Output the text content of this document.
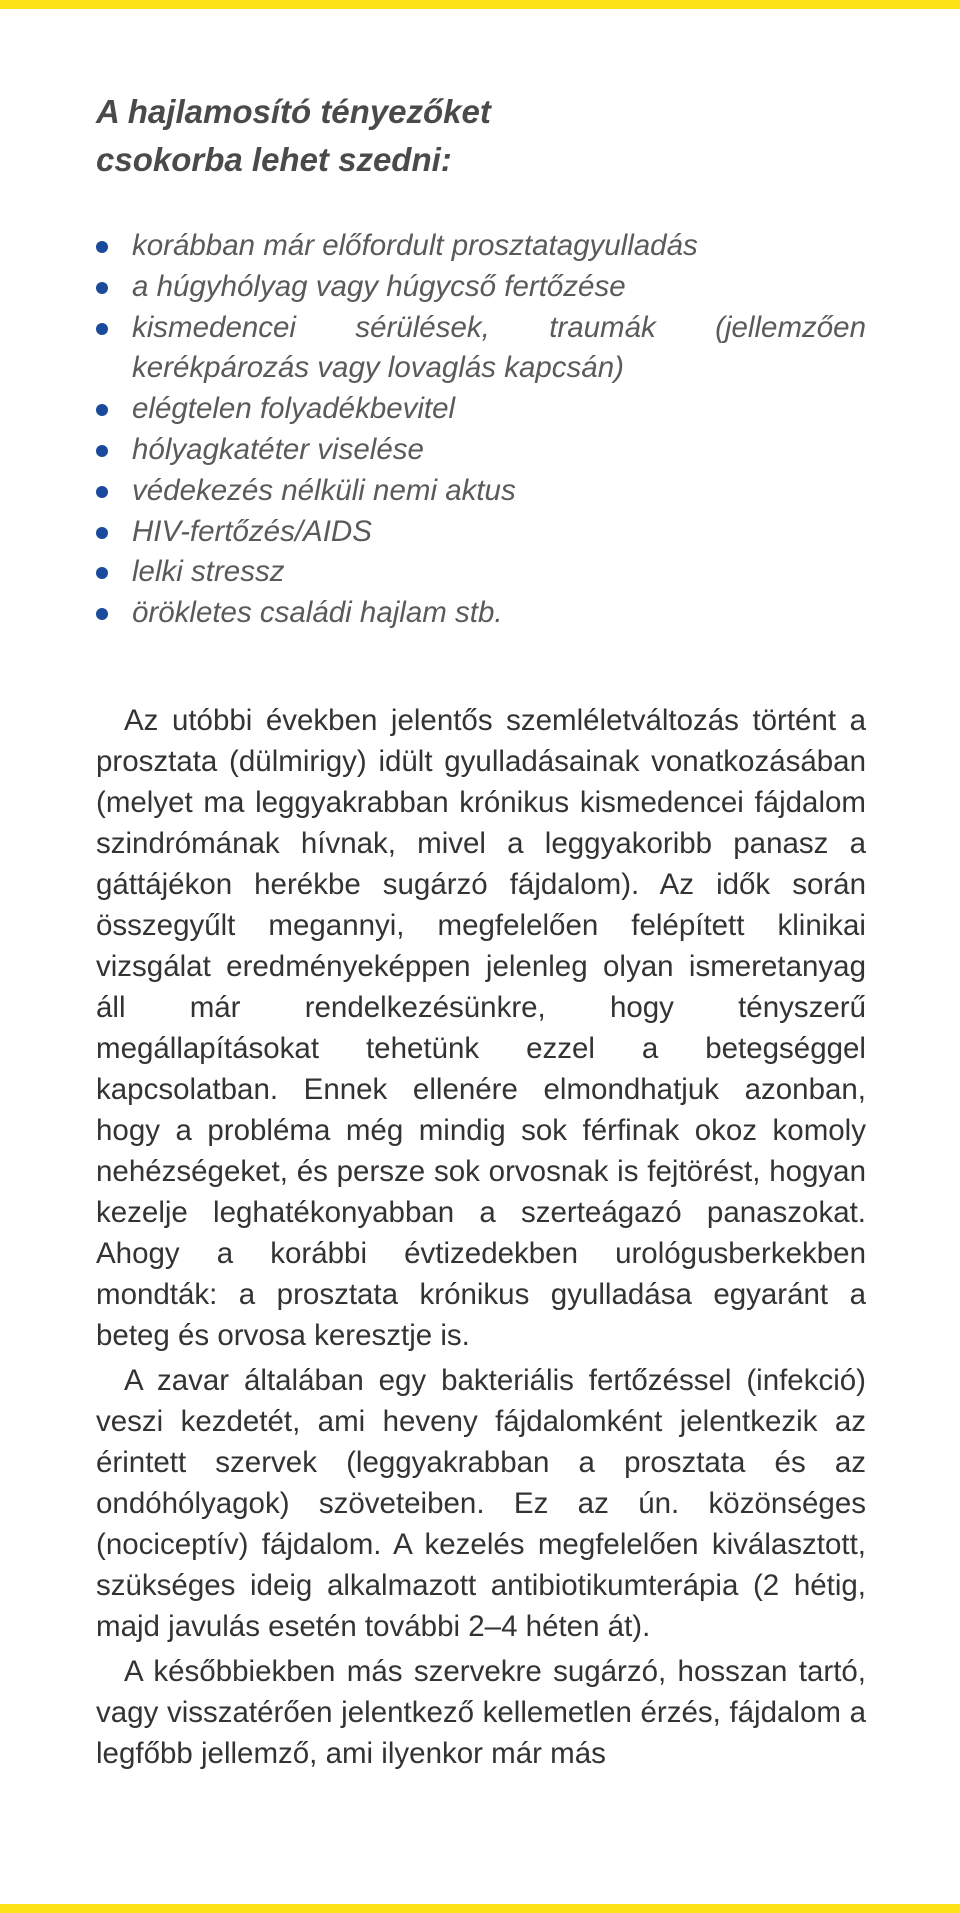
A hajlamosító tényezőket
csokorba lehet szedni:
korábban már előfordult prosztatagyulladás
a húgyhólyag vagy húgycső fertőzése
kismedencei sérülések, traumák (jellemzően kerékpározás vagy lovaglás kapcsán)
elégtelen folyadékbevitel
hólyagkatéter viselése
védekezés nélküli nemi aktus
HIV-fertőzés/AIDS
lelki stressz
örökletes családi hajlam stb.

Az utóbbi években jelentős szemléletváltozás történt a prosztata (dülmirigy) idült gyulladásainak vonatkozásában (melyet ma leggyakrabban krónikus kismedencei fájdalom szindrómának hívnak, mivel a leggyakoribb panasz a gáttájékon herékbe sugárzó fájdalom). Az idők során összegyűlt megannyi, megfelelően felépített klinikai vizsgálat eredményeképpen jelenleg olyan ismeretanyag áll már rendelkezésünkre, hogy tényszerű megállapításokat tehetünk ezzel a betegséggel kapcsolatban. Ennek ellenére elmondhatjuk azonban, hogy a probléma még mindig sok férfinak okoz komoly nehézségeket, és persze sok orvosnak is fejtörést, hogyan kezelje leghatékonyabban a szerteágazó panaszokat. Ahogy a korábbi évtizedekben urológusberkekben mondták: a prosztata krónikus gyulladása egyaránt a beteg és orvosa keresztje is.

A zavar általában egy bakteriális fertőzéssel (infekció) veszi kezdetét, ami heveny fájdalomként jelentkezik az érintett szervek (leggyakrabban a prosztata és az ondóhólyagok) szöveteiben. Ez az ún. közönséges (nociceptív) fájdalom. A kezelés megfelelően kiválasztott, szükséges ideig alkalmazott antibiotikumterápia (2 hétig, majd javulás esetén további 2–4 héten át).

A későbbiekben más szervekre sugárzó, hosszan tartó, vagy visszatérően jelentkező kellemetlen érzés, fájdalom a legfőbb jellemző, ami ilyenkor már más
